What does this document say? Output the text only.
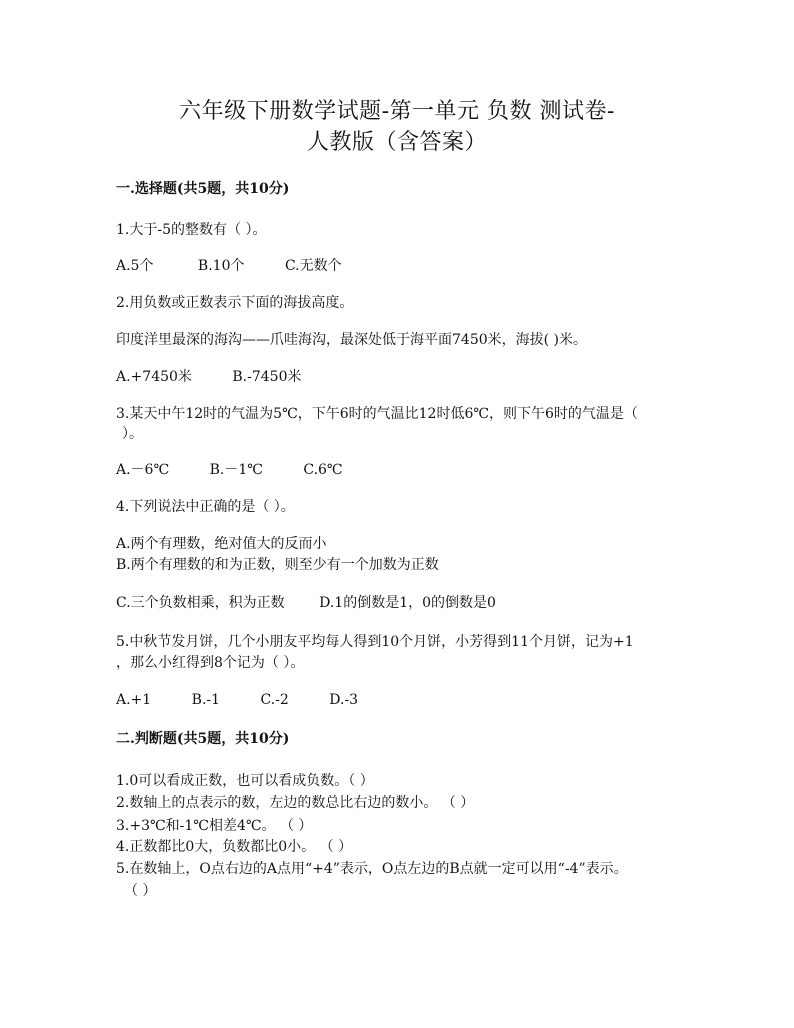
六年级下册数学试题-第一单元 负数 测试卷-
人教版（含答案）
一.选择题(共5题，共10分)
1.大于-5的整数有（ ）。
A.5个	B.10个	C.无数个
2.用负数或正数表示下面的海拔高度。
印度洋里最深的海沟——爪哇海沟，最深处低于海平面7450米，海拔( )米。
A.+7450米	B.-7450米
3.某天中午12时的气温为5℃，下午6时的气温比12时低6℃，则下午6时的气温是（
）。
A.－6℃	B.－1℃	C.6℃
4.下列说法中正确的是（ ）。
A.两个有理数，绝对值大的反而小
B.两个有理数的和为正数，则至少有一个加数为正数
C.三个负数相乘，积为正数 D.1的倒数是1，0的倒数是0
5.中秋节发月饼，几个小朋友平均每人得到10个月饼，小芳得到11个月饼，记为+1
，那么小红得到8个记为（ ）。
A.+1	B.-1	C.-2	D.-3
二.判断题(共5题，共10分)
1.0可以看成正数，也可以看成负数。（ ）
2.数轴上的点表示的数，左边的数总比右边的数小。 （ ）
3.+3℃和-1℃相差4℃。 （ ）
4.正数都比0大，负数都比0小。 （ ）
5.在数轴上，O点右边的A点用“+4”表示，O点左边的B点就一定可以用“-4”表示。
（ ）
